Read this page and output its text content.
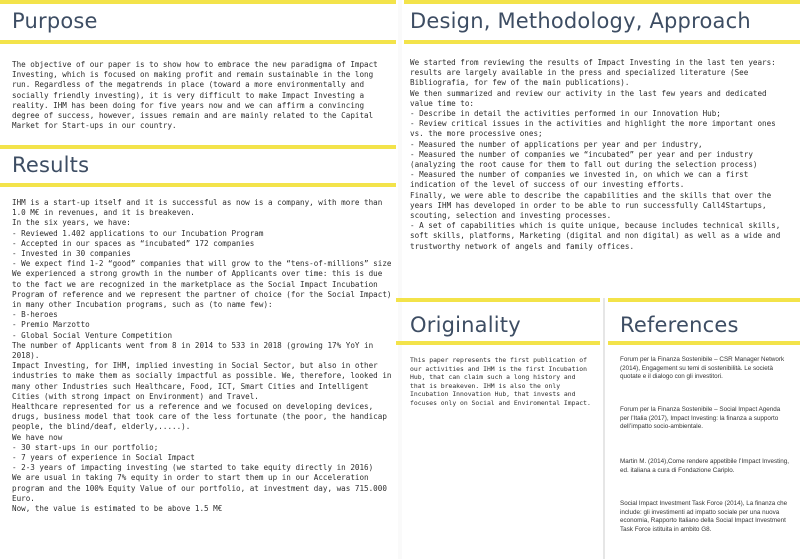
Purpose

The objective of our paper is to show how to embrace the new paradigma of Impact Investing, which is focused on making profit and remain sustainable in the long run. Regardless of the megatrends in place (toward a more environmentally and socially friendly investing), it is very difficult to make Impact Investing a reality. IHM has been doing for five years now and we can affirm a convincing degree of success, however, issues remain and are mainly related to the Capital Market for Start-ups in our country.

Results

IHM is a start-up itself and it is successful as now is a company, with more than 1.0 M€ in revenues, and it is breakeven.
In the six years, we have:
- Reviewed 1.402 applications to our Incubation Program
- Accepted in our spaces as “incubated” 172 companies
- Invested in 30 companies
- We expect find 1-2 “good” companies that will grow to the “tens-of-millions” size
We experienced a strong growth in the number of Applicants over time: this is due to the fact we are recognized in the marketplace as the Social Impact Incubation Program of reference and we represent the partner of choice (for the Social Impact) in many other Incubation programs, such as (to name few):
- B-heroes
- Premio Marzotto
- Global Social Venture Competition
The number of Applicants went from 8 in 2014 to 533 in 2018 (growing 17% YoY in 2018).
Impact Investing, for IHM, implied investing in Social Sector, but also in other industries to make them as socially impactful as possible. We, therefore, looked in many other Industries such Healthcare, Food, ICT, Smart Cities and Intelligent Cities (with strong impact on Environment) and Travel.
Healthcare represented for us a reference and we focused on developing devices, drugs, business model that took care of the less fortunate (the poor, the handicap people, the blind/deaf, elderly,.....).
We have now
- 30 start-ups in our portfolio;
- 7 years of experience in Social Impact
- 2-3 years of impacting investing (we started to take equity directly in 2016)
We are usual in taking 7% equity in order to start them up in our Acceleration program and the 100% Equity Value of our portfolio, at investment day, was 715.000 Euro.
Now, the value is estimated to be above 1.5 M€

Design, Methodology, Approach

We started from reviewing the results of Impact Investing in the last ten years: results are largely available in the press and specialized literature (See Bibliografia, for few of the main publications).
We then summarized and review our activity in the last few years and dedicated value time to:
- Describe in detail the activities performed in our Innovation Hub;
- Review critical issues in the activities and highlight the more important ones vs. the more processive ones;
- Measured the number of applications per year and per industry,
- Measured the number of companies we “incubated” per year and per industry (analyzing the root cause for them to fall out during the selection process)
- Measured the number of companies we invested in, on which we can a first indication of the level of success of our investing efforts.
Finally, we were able to describe the capabilities and the skills that over the years IHM has developed in order to be able to run successfully Call4Startups, scouting, selection and investing processes.
- A set of capabilities which is quite unique, because includes technical skills, soft skills, platforms, Marketing (digital and non digital) as well as a wide and trustworthy network of angels and family offices.

Originality

This paper represents the first publication of our activities and IHM is the first Incubation Hub, that can claim such a long history and that is breakeven. IHM is also the only Incubation Innovation Hub, that invests and focuses only on Social and Enviromental Impact.

References
Forum per la Finanza Sostenibile – CSR Manager Network (2014), Engagement su temi di sostenibilità. Le società quotate e il dialogo con gli investitori.
Forum per la Finanza Sostenibile – Social Impact Agenda per l’Italia (2017), Impact Investing: la finanza a supporto dell’impatto socio-ambientale.
Martin M. (2014),Come rendere appetibile l’Impact Investing, ed. italiana a cura di Fondazione Cariplo.
Social Impact Investment Task Force (2014), La finanza che include: gli investimenti ad impatto sociale per una nuova economia, Rapporto Italiano della Social Impact Investment Task Force istituita in ambito G8.
